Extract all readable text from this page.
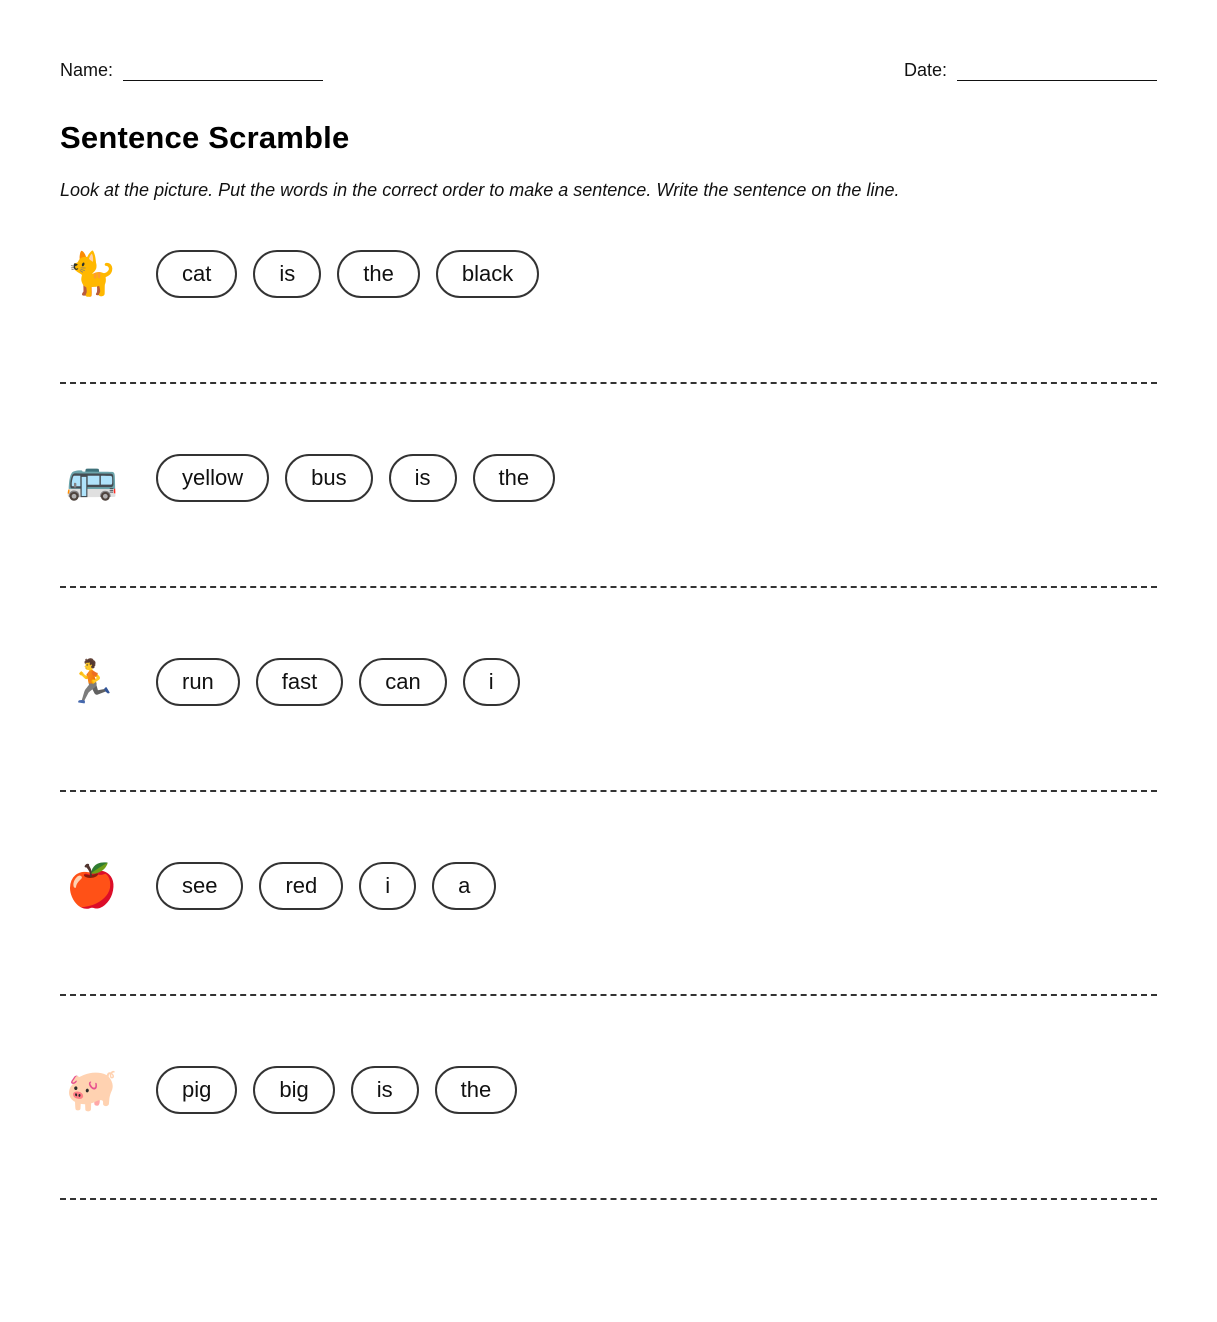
Name:	Date:
Sentence Scramble

Look at the picture. Put the words in the correct order to make a sentence. Write the sentence on the line.

🐈	cat	is	the	black
🚌	yellow	bus	is	the
🏃	run	fast	can	i
🍎	see	red	i	a
🐖	pig	big	is	the
